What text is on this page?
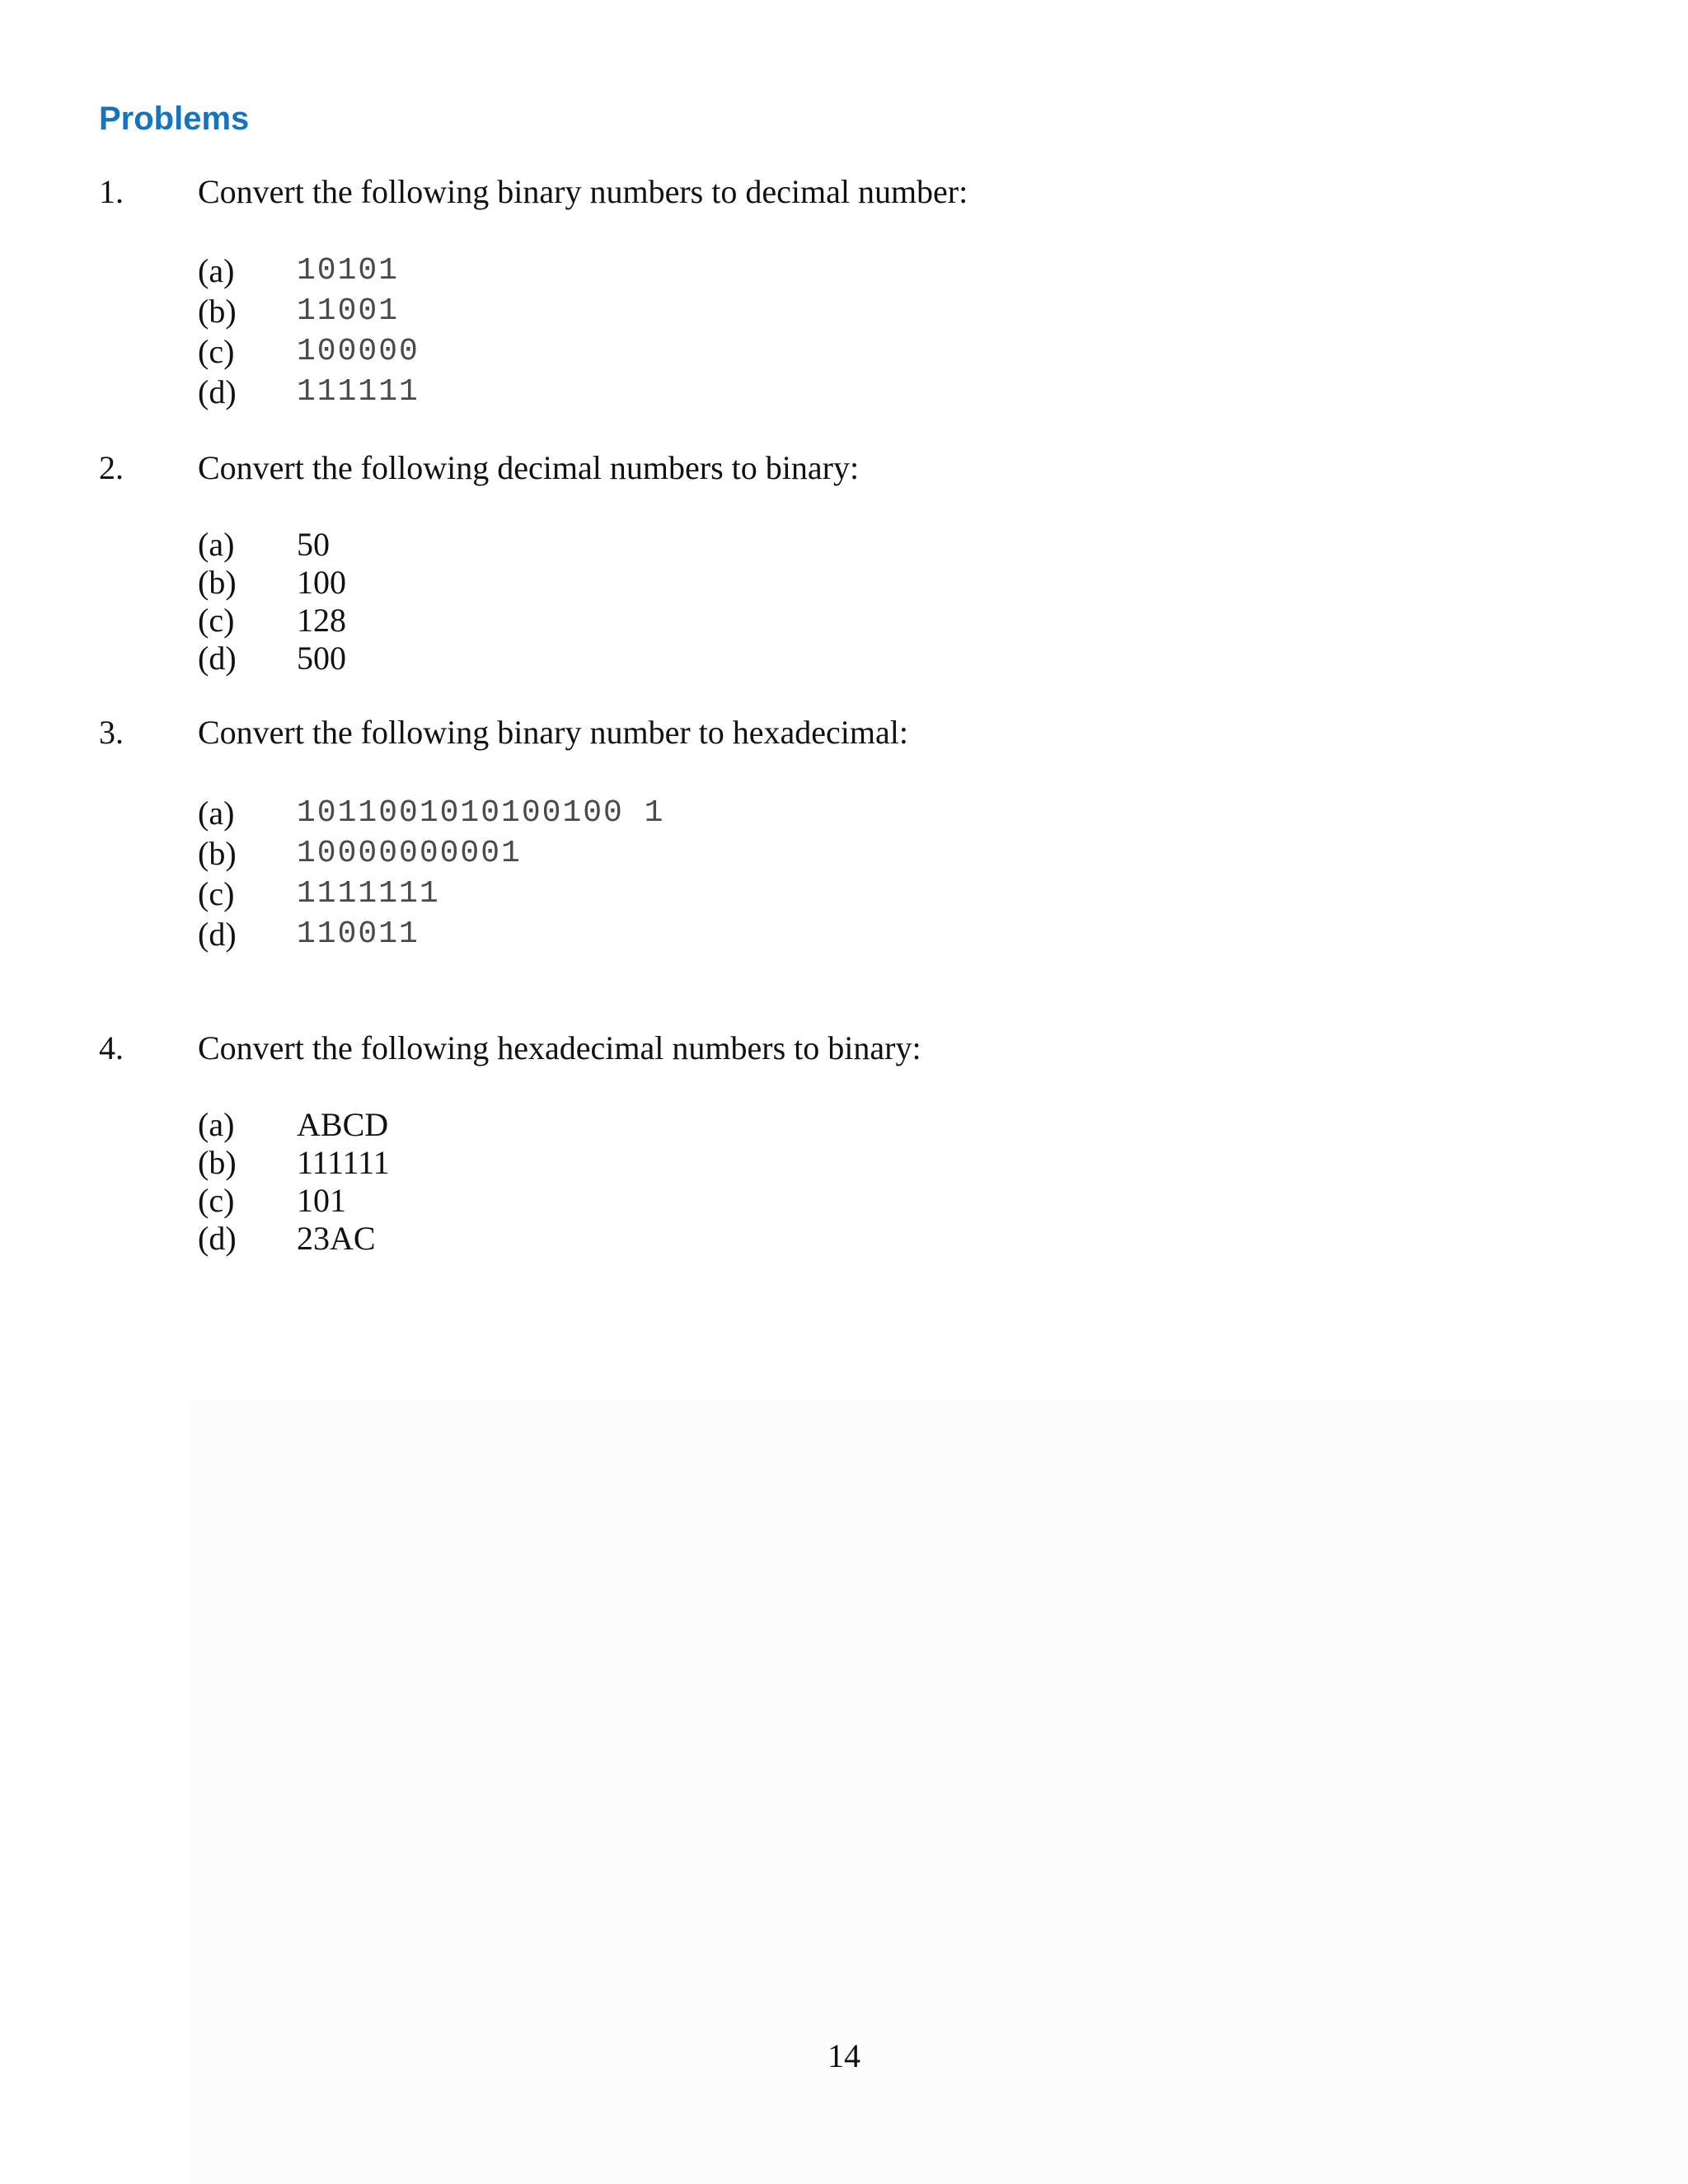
Problems
1. Convert the following binary numbers to decimal number:
(a) 10101
(b) 11001
(c) 100000
(d) 111111
2. Convert the following decimal numbers to binary:
(a) 50
(b) 100
(c) 128
(d) 500
3. Convert the following binary number to hexadecimal:
(a) 1011001010100100 1
(b) 10000000001
(c) 1111111
(d) 110011
4. Convert the following hexadecimal numbers to binary:
(a) ABCD
(b) 111111
(c) 101
(d) 23AC
14
